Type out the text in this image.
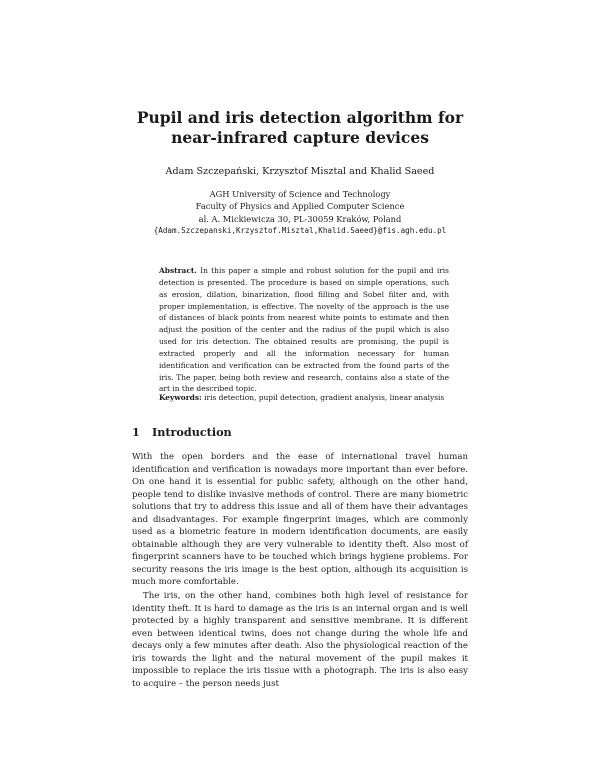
Pupil and iris detection algorithm for
near-infrared capture devices
Adam Szczepański, Krzysztof Misztal and Khalid Saeed
AGH University of Science and Technology
Faculty of Physics and Applied Computer Science
al. A. Mickiewicza 30, PL-30059 Kraków, Poland
{Adam.Szczepanski,Krzysztof.Misztal,Khalid.Saeed}@fis.agh.edu.pl

Abstract. In this paper a simple and robust solution for the pupil and iris detection is presented. The procedure is based on simple operations, such as erosion, dilation, binarization, flood filling and Sobel filter and, with proper implementation, is effective. The novelty of the approach is the use of distances of black points from nearest white points to estimate and then adjust the position of the center and the radius of the pupil which is also used for iris detection. The obtained results are promising, the pupil is extracted properly and all the information necessary for human identification and verification can be extracted from the found parts of the iris. The paper, being both review and research, contains also a state of the art in the described topic.

Keywords: iris detection, pupil detection, gradient analysis, linear analysis

1 Introduction

With the open borders and the ease of international travel human identification and verification is nowadays more important than ever before. On one hand it is essential for public safety, although on the other hand, people tend to dislike invasive methods of control. There are many biometric solutions that try to address this issue and all of them have their advantages and disadvantages. For example fingerprint images, which are commonly used as a biometric feature in modern identification documents, are easily obtainable although they are very vulnerable to identity theft. Also most of fingerprint scanners have to be touched which brings hygiene problems. For security reasons the iris image is the best option, although its acquisition is much more comfortable.

The iris, on the other hand, combines both high level of resistance for identity theft. It is hard to damage as the iris is an internal organ and is well protected by a highly transparent and sensitive membrane. It is different even between identical twins, does not change during the whole life and decays only a few minutes after death. Also the physiological reaction of the iris towards the light and the natural movement of the pupil makes it impossible to replace the iris tissue with a photograph. The iris is also easy to acquire – the person needs just
